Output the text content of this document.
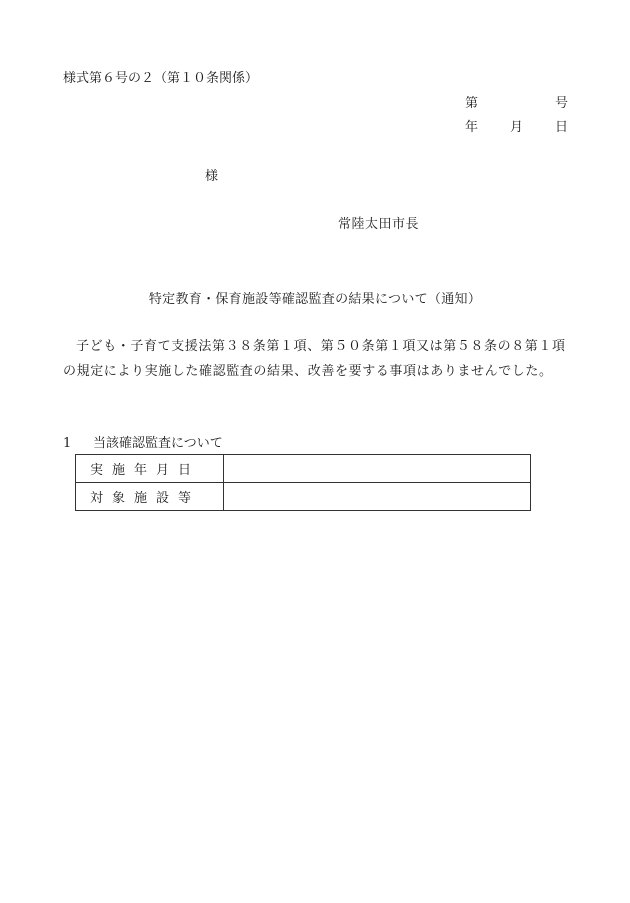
様式第６号の２（第１０条関係）
第	号
年 月 日
様
常陸太田市長
特定教育・保育施設等確認監査の結果について（通知）
子ども・子育て支援法第３８条第１項、第５０条第１項又は第５８条の８第１項の規定により実施した確認監査の結果、改善を要する事項はありませんでした。
1 当該確認監査について
実施年月日	
対象施設等	
